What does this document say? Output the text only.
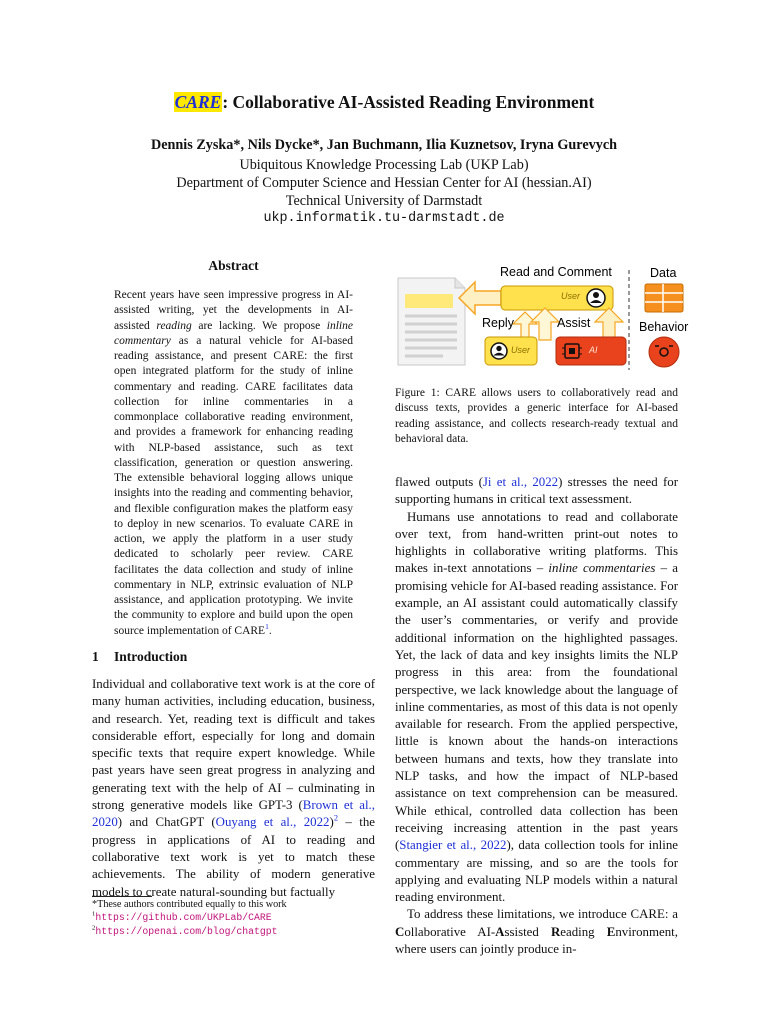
CARE: Collaborative AI-Assisted Reading Environment
Dennis Zyska*, Nils Dycke*, Jan Buchmann, Ilia Kuznetsov, Iryna Gurevych
Ubiquitous Knowledge Processing Lab (UKP Lab)
Department of Computer Science and Hessian Center for AI (hessian.AI)
Technical University of Darmstadt
ukp.informatik.tu-darmstadt.de
Abstract

Recent years have seen impressive progress in AI-assisted writing, yet the developments in AI-assisted reading are lacking. We propose inline commentary as a natural vehicle for AI-based reading assistance, and present CARE: the first open integrated platform for the study of inline commentary and reading. CARE facilitates data collection for inline commentaries in a commonplace collaborative reading environment, and provides a framework for enhancing reading with NLP-based assistance, such as text classification, generation or question answering. The extensible behavioral logging allows unique insights into the reading and commenting behavior, and flexible configuration makes the platform easy to deploy in new scenarios. To evaluate CARE in action, we apply the platform in a user study dedicated to scholarly peer review. CARE facilitates the data collection and study of inline commentary in NLP, extrinsic evaluation of NLP assistance, and application prototyping. We invite the community to explore and build upon the open source implementation of CARE$^1$.

1 Introduction

Individual and collaborative text work is at the core of many human activities, including education, business, and research. Yet, reading text is difficult and takes considerable effort, especially for long and domain specific texts that require expert knowledge. While past years have seen great progress in analyzing and generating text with the help of AI – culminating in strong generative models like GPT-3 (Brown et al., 2020) and ChatGPT (Ouyang et al., 2022)$^2$ – the progress in applications of AI to reading and collaborative text work is yet to match these achievements. The ability of modern generative models to create natural-sounding but factually

*These authors contributed equally to this work
$^1$https://github.com/UKPLab/CARE
$^2$https://openai.com/blog/chatgpt
Read and Comment	Data
Reply	Assist	Behavior
User
User	AI

Figure 1: CARE allows users to collaboratively read and discuss texts, provides a generic interface for AI-based reading assistance, and collects research-ready textual and behavioral data.

flawed outputs (Ji et al., 2022) stresses the need for supporting humans in critical text assessment.

Humans use annotations to read and collaborate over text, from hand-written print-out notes to highlights in collaborative writing platforms. This makes in-text annotations – inline commentaries – a promising vehicle for AI-based reading assistance. For example, an AI assistant could automatically classify the user’s commentaries, or verify and provide additional information on the highlighted passages. Yet, the lack of data and key insights limits the NLP progress in this area: from the foundational perspective, we lack knowledge about the language of inline commentaries, as most of this data is not openly available for research. From the applied perspective, little is known about the hands-on interactions between humans and texts, how they translate into NLP tasks, and how the impact of NLP-based assistance on text comprehension can be measured. While ethical, controlled data collection has been receiving increasing attention in the past years (Stangier et al., 2022), data collection tools for inline commentary are missing, and so are the tools for applying and evaluating NLP models within a natural reading environment.

To address these limitations, we introduce CARE: a Collaborative AI-Assisted Reading Environment, where users can jointly produce in-
